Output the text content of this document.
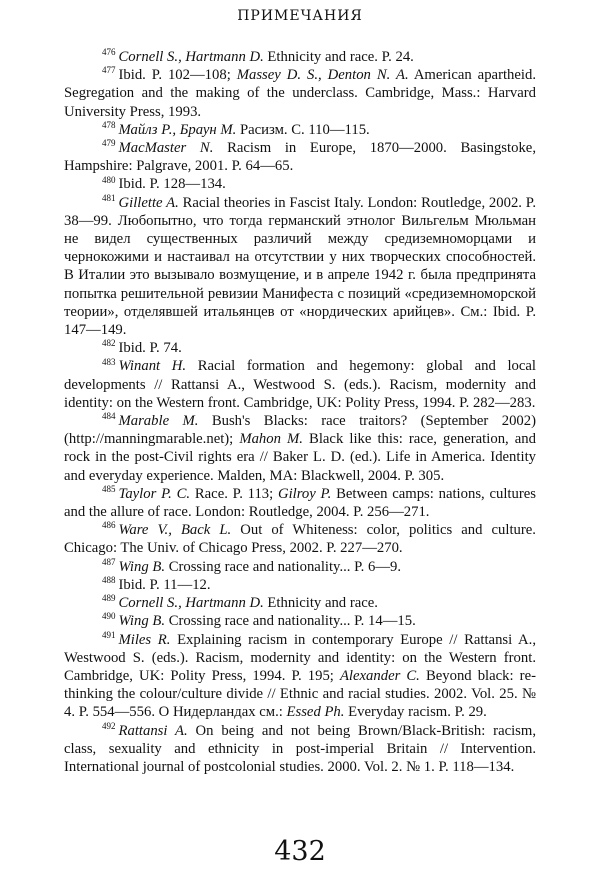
ПРИМЕЧАНИЯ

$^{476}$ Cornell S., Hartmann D. Ethnicity and race. P. 24.

$^{477}$ Ibid. P. 102—108; Massey D. S., Denton N. A. American apartheid. Segregation and the making of the underclass. Cambridge, Mass.: Harvard University Press, 1993.

$^{478}$ Майлз Р., Браун М. Расизм. С. 110—115.

$^{479}$ MacMaster N. Racism in Europe, 1870—2000. Basingstoke, Hampshire: Palgrave, 2001. P. 64—65.

$^{480}$ Ibid. P. 128—134.

$^{481}$ Gillette A. Racial theories in Fascist Italy. London: Routledge, 2002. P. 38—99. Любопытно, что тогда германский этнолог Вильгельм Мюльман не видел существенных различий между средиземноморцами и чернокожими и настаивал на отсутствии у них творческих способностей. В Италии это вызывало возмущение, и в апреле 1942 г. была предпринята попытка решительной ревизии Манифеста с позиций «средиземноморской теории», отделявшей итальянцев от «нордических арийцев». См.: Ibid. P. 147—149.

$^{482}$ Ibid. P. 74.

$^{483}$ Winant H. Racial formation and hegemony: global and local developments // Rattansi A., Westwood S. (eds.). Racism, modernity and identity: on the Western front. Cambridge, UK: Polity Press, 1994. P. 282—283.

$^{484}$ Marable M. Bush's Blacks: race traitors? (September 2002) (http://manningmarable.net); Mahon M. Black like this: race, generation, and rock in the post-Civil rights era // Baker L. D. (ed.). Life in America. Identity and everyday experience. Malden, MA: Blackwell, 2004. P. 305.

$^{485}$ Taylor P. C. Race. P. 113; Gilroy P. Between camps: nations, cultures and the allure of race. London: Routledge, 2004. P. 256—271.

$^{486}$ Ware V., Back L. Out of Whiteness: color, politics and culture. Chicago: The Univ. of Chicago Press, 2002. P. 227—270.

$^{487}$ Wing B. Crossing race and nationality... P. 6—9.

$^{488}$ Ibid. P. 11—12.

$^{489}$ Cornell S., Hartmann D. Ethnicity and race.

$^{490}$ Wing B. Crossing race and nationality... P. 14—15.

$^{491}$ Miles R. Explaining racism in contemporary Europe // Rattansi A., Westwood S. (eds.). Racism, modernity and identity: on the Western front. Cambridge, UK: Polity Press, 1994. P. 195; Alexander C. Beyond black: re-thinking the colour/culture divide // Ethnic and racial studies. 2002. Vol. 25. № 4. P. 554—556. О Нидерландах см.: Essed Ph. Everyday racism. P. 29.

$^{492}$ Rattansi A. On being and not being Brown/Black-British: racism, class, sexuality and ethnicity in post-imperial Britain // Intervention. International journal of postcolonial studies. 2000. Vol. 2. № 1. P. 118—134.

432
